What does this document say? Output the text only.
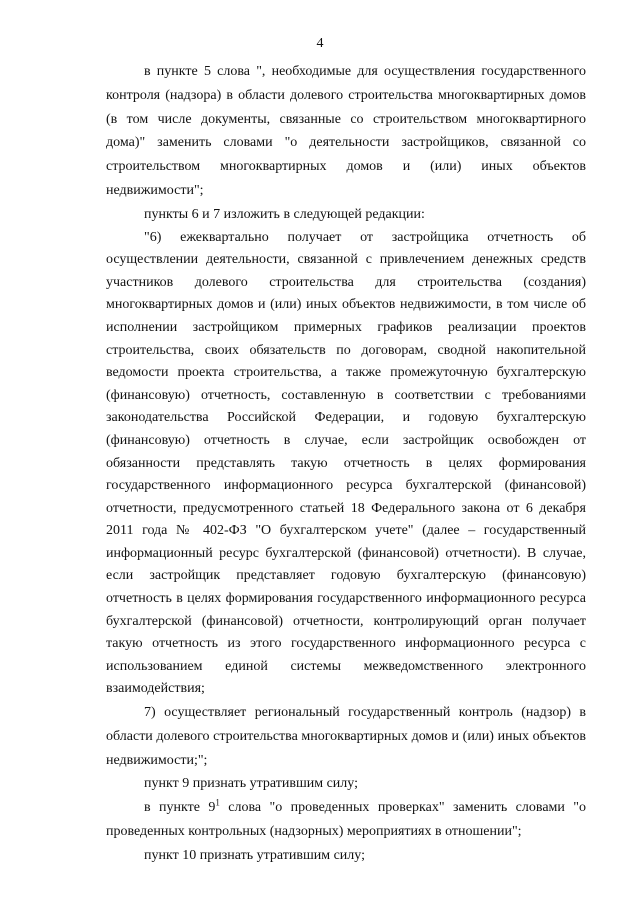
4

в пункте 5 слова ", необходимые для осуществления государственного контроля (надзора) в области долевого строительства многоквартирных домов (в том числе документы, связанные со строительством многоквартирного дома)" заменить словами "о деятельности застройщиков, связанной со строительством многоквартирных домов и (или) иных объектов недвижимости";

пункты 6 и 7 изложить в следующей редакции:

"6) ежеквартально получает от застройщика отчетность об осуществлении деятельности, связанной с привлечением денежных средств участников долевого строительства для строительства (создания) многоквартирных домов и (или) иных объектов недвижимости, в том числе об исполнении застройщиком примерных графиков реализации проектов строительства, своих обязательств по договорам, сводной накопительной ведомости проекта строительства, а также промежуточную бухгалтерскую (финансовую) отчетность, составленную в соответствии с требованиями законодательства Российской Федерации, и годовую бухгалтерскую (финансовую) отчетность в случае, если застройщик освобожден от обязанности представлять такую отчетность в целях формирования государственного информационного ресурса бухгалтерской (финансовой) отчетности, предусмотренного статьей 18 Федерального закона от 6 декабря 2011 года № 402-ФЗ "О бухгалтерском учете" (далее – государственный информационный ресурс бухгалтерской (финансовой) отчетности). В случае, если застройщик представляет годовую бухгалтерскую (финансовую) отчетность в целях формирования государственного информационного ресурса бухгалтерской (финансовой) отчетности, контролирующий орган получает такую отчетность из этого государственного информационного ресурса с использованием единой системы межведомственного электронного взаимодействия;

7) осуществляет региональный государственный контроль (надзор) в области долевого строительства многоквартирных домов и (или) иных объектов недвижимости;";

пункт 9 признать утратившим силу;

в пункте $9^1$ слова "о проведенных проверках" заменить словами "о проведенных контрольных (надзорных) мероприятиях в отношении";

пункт 10 признать утратившим силу;
